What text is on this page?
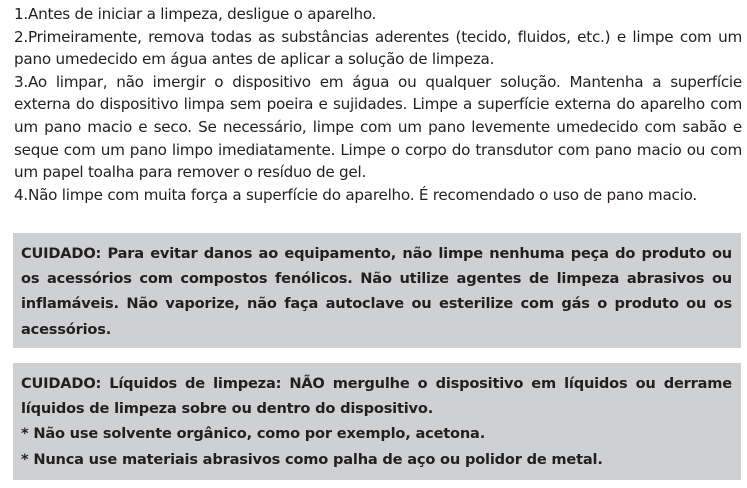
1.Antes de iniciar a limpeza, desligue o aparelho.

2.Primeiramente, remova todas as substâncias aderentes (tecido, fluidos, etc.) e limpe com um pano umedecido em água antes de aplicar a solução de limpeza.

3.Ao limpar, não imergir o dispositivo em água ou qualquer solução. Mantenha a superfície externa do dispositivo limpa sem poeira e sujidades. Limpe a superfície externa do aparelho com um pano macio e seco. Se necessário, limpe com um pano levemente umedecido com sabão e seque com um pano limpo imediatamente. Limpe o corpo do transdutor com pano macio ou com um papel toalha para remover o resíduo de gel.

4.Não limpe com muita força a superfície do aparelho. É recomendado o uso de pano macio.

CUIDADO: Para evitar danos ao equipamento, não limpe nenhuma peça do produto ou os acessórios com compostos fenólicos. Não utilize agentes de limpeza abrasivos ou inflamáveis. Não vaporize, não faça autoclave ou esterilize com gás o produto ou os acessórios.

CUIDADO: Líquidos de limpeza: NÃO mergulhe o dispositivo em líquidos ou derrame líquidos de limpeza sobre ou dentro do dispositivo.

* Não use solvente orgânico, como por exemplo, acetona.

* Nunca use materiais abrasivos como palha de aço ou polidor de metal.
